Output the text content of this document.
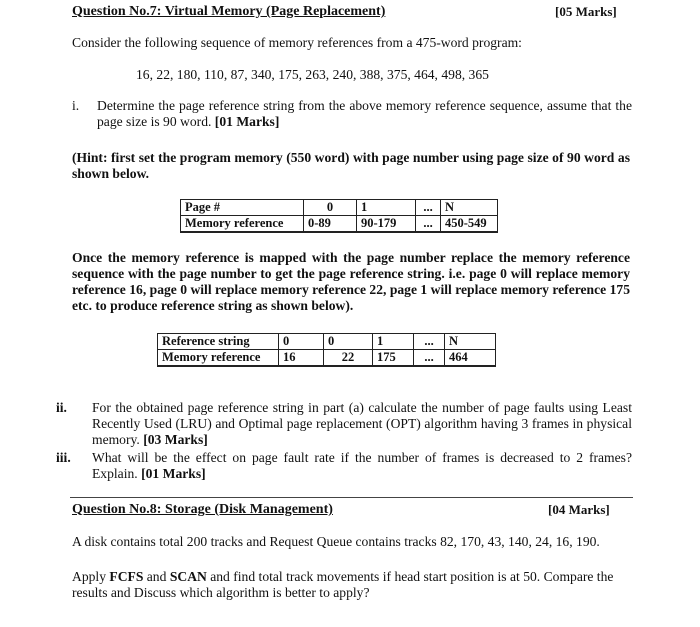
Question No.7: Virtual Memory (Page Replacement)	[05 Marks]
Consider the following sequence of memory references from a 475-word program:
16, 22, 180, 110, 87, 340, 175, 263, 240, 388, 375, 464, 498, 365
i. Determine the page reference string from the above memory reference sequence, assume that the page size is 90 word. [01 Marks]
(Hint: first set the program memory (550 word) with page number using page size of 90 word as shown below.
Page #	0	1	...	N
Memory reference	0-89	90-179	...	450-549
Once the memory reference is mapped with the page number replace the memory reference sequence with the page number to get the page reference string. i.e. page 0 will replace memory reference 16, page 0 will replace memory reference 22, page 1 will replace memory reference 175 etc. to produce reference string as shown below).
Reference string	0	0	1	...	N
Memory reference	16	22	175	...	464
ii. For the obtained page reference string in part (a) calculate the number of page faults using Least Recently Used (LRU) and Optimal page replacement (OPT) algorithm having 3 frames in physical memory. [03 Marks]
iii. What will be the effect on page fault rate if the number of frames is decreased to 2 frames? Explain. [01 Marks]
Question No.8: Storage (Disk Management)	[04 Marks]
A disk contains total 200 tracks and Request Queue contains tracks 82, 170, 43, 140, 24, 16, 190.
Apply FCFS and SCAN and find total track movements if head start position is at 50. Compare the results and Discuss which algorithm is better to apply?
